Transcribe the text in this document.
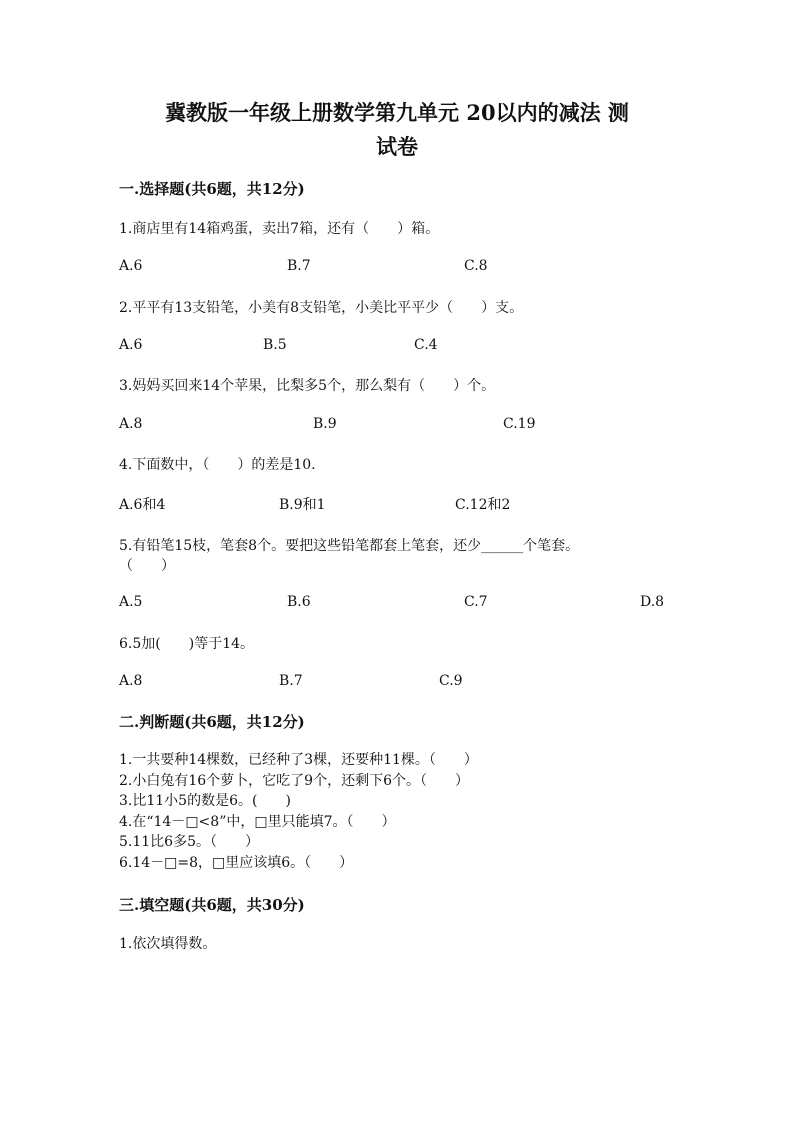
冀教版一年级上册数学第九单元 20以内的减法 测
试卷
一.选择题(共6题，共12分)
1.商店里有14箱鸡蛋，卖出7箱，还有（　　）箱。
A.6	B.7	C.8
2.平平有13支铅笔，小美有8支铅笔，小美比平平少（　　）支。
A.6	B.5	C.4
3.妈妈买回来14个苹果，比梨多5个，那么梨有（　　）个。
A.8	B.9	C.19
4.下面数中，（　　）的差是10.
A.6和4	B.9和1	C.12和2
5.有铅笔15枝，笔套8个。要把这些铅笔都套上笔套，还少______个笔套。
（　　）
A.5	B.6	C.7	D.8
6.5加(　　)等于14。
A.8	B.7	C.9
二.判断题(共6题，共12分)
1.一共要种14棵数，已经种了3棵，还要种11棵。（　　）
2.小白兔有16个萝卜，它吃了9个，还剩下6个。（　　）
3.比11小5的数是6。(　　)
4.在“14－□<8”中，□里只能填7。（　　）
5.11比6多5。（　　）
6.14－□=8，□里应该填6。（　　）
三.填空题(共6题，共30分)
1.依次填得数。
